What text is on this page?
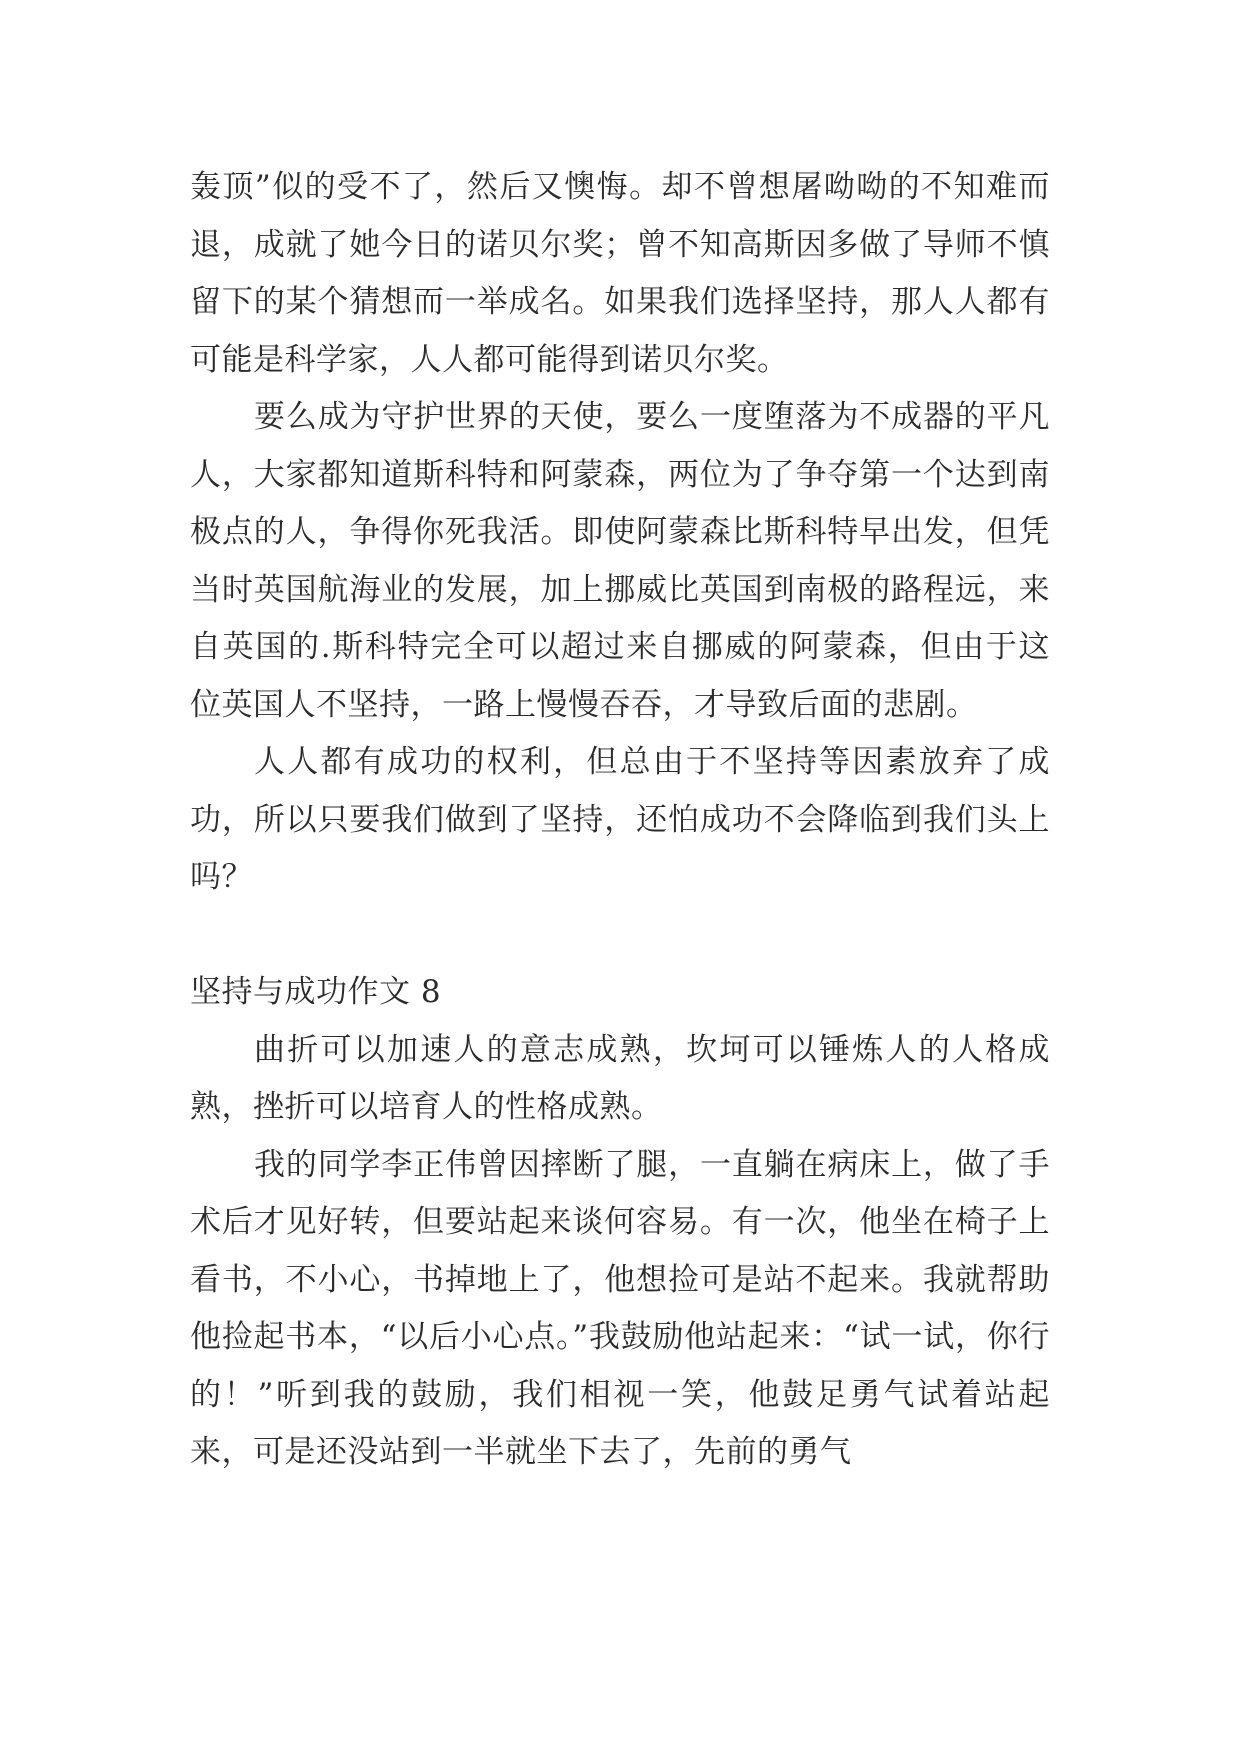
轰顶”似的受不了，然后又懊悔。却不曾想屠呦呦的不知难而退，成就了她今日的诺贝尔奖；曾不知高斯因多做了导师不慎留下的某个猜想而一举成名。如果我们选择坚持，那人人都有可能是科学家，人人都可能得到诺贝尔奖。

要么成为守护世界的天使，要么一度堕落为不成器的平凡人，大家都知道斯科特和阿蒙森，两位为了争夺第一个达到南极点的人，争得你死我活。即使阿蒙森比斯科特早出发，但凭当时英国航海业的发展，加上挪威比英国到南极的路程远，来自英国的.斯科特完全可以超过来自挪威的阿蒙森，但由于这位英国人不坚持，一路上慢慢吞吞，才导致后面的悲剧。

人人都有成功的权利，但总由于不坚持等因素放弃了成功，所以只要我们做到了坚持，还怕成功不会降临到我们头上吗？

坚持与成功作文 8

曲折可以加速人的意志成熟，坎坷可以锤炼人的人格成熟，挫折可以培育人的性格成熟。

我的同学李正伟曾因摔断了腿，一直躺在病床上，做了手术后才见好转，但要站起来谈何容易。有一次，他坐在椅子上看书，不小心，书掉地上了，他想捡可是站不起来。我就帮助他捡起书本，“以后小心点。”我鼓励他站起来：“试一试，你行的！”听到我的鼓励，我们相视一笑，他鼓足勇气试着站起来，可是还没站到一半就坐下去了，先前的勇气
